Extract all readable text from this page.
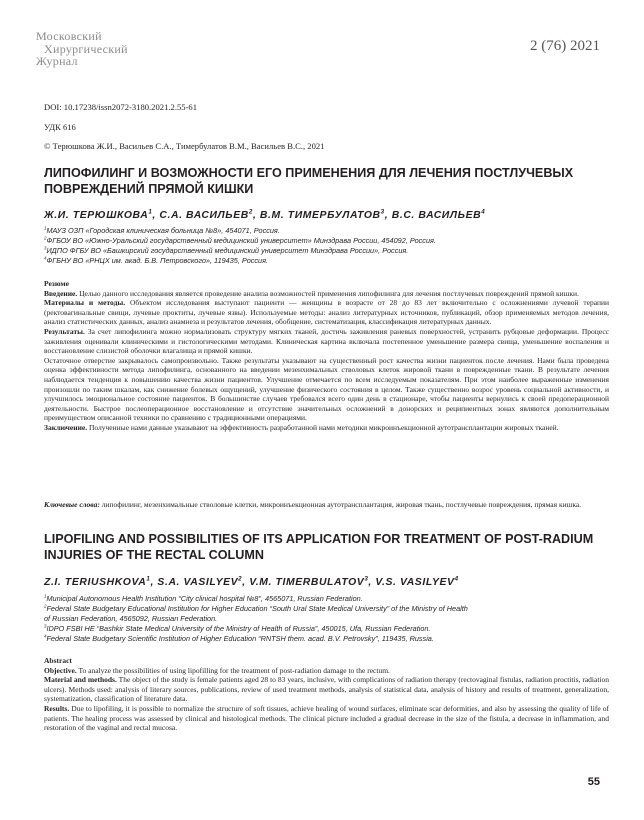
Московский
Хирургический
Журнал
2 (76) 2021
DOI: 10.17238/issn2072-3180.2021.2.55-61
УДК 616
© Терюшкова Ж.И., Васильев С.А., Тимербулатов В.М., Васильев В.С., 2021
ЛИПОФИЛИНГ И ВОЗМОЖНОСТИ ЕГО ПРИМЕНЕНИЯ ДЛЯ ЛЕЧЕНИЯ ПОСТЛУЧЕВЫХ ПОВРЕЖДЕНИЙ ПРЯМОЙ КИШКИ
Ж.И. ТЕРЮШКОВА$^1$, С.А. ВАСИЛЬЕВ$^2$, В.М. ТИМЕРБУЛАТОВ$^3$, В.С. ВАСИЛЬЕВ$^4$
$^1$МАУЗ ОЗП «Городская клиническая больница №8», 454071, Россия.
$^2$ФГБОУ ВО «Южно-Уральский государственный медицинский университет» Минздрава России, 454092, Россия.
$^3$ИДПО ФГБУ ВО «Башкирский государственный медицинский университет Минздрава России», Россия.
$^4$ФГБНУ ВО «РНЦХ им. акад. Б.В. Петровского», 119435, Россия.

Резюме

Введение. Целью данного исследования является проведение анализа возможностей применения липофилинга для лечения постлучевых повреждений прямой кишки.

Материалы и методы. Объектом исследования выступают пациенти — женщины в возрасте от 28 до 83 лет включительно с осложнениями лучевой терапии (ректовагинальные свищи, лучевые проктиты, лучевые язвы). Используемые методы: анализ литературных источников, публикаций, обзор применяемых методов лечения, анализ статистических данных, анализ анамнеза и результатов лечения, обобщение, систематизация, классификация литературных данных.

Результаты. За счет липофилинга можно нормализовать структуру мягких тканей, достичь заживления раневых поверхностей, устранить рубцовые деформации. Процесс заживления оценивали клиническими и гистологическими методами. Клиническая картина включала постепенное уменьшение размера свища, уменьшение воспаления и восстановление слизистой оболочки влагалища и прямой кишки.

Остаточное отверстие закрывалось самопроизвольно. Также результаты указывают на существенный рост качества жизни пациенток после лечения. Нами была проведена оценка эффективности метода липофилинга, основанного на введении мезенхимальных стволовых клеток жировой ткани в поврежденные ткани. В результате лечения наблюдается тенденция к повышению качества жизни пациентов. Улучшение отмечается по всем исследуемым показателям. При этом наиболее выраженные изменения произошли по таким шкалам, как снижение болевых ощущений, улучшение физического состояния в целом. Также существенно возрос уровень социальной активности, и улучшилось эмоциональное состояние пациенток. В большинстве случаев требовался всего один день в стационаре, чтобы пациенты вернулись к своей предоперационной деятельности. Быстрое послеоперационное восстановление и отсутствие значительных осложнений в донорских и реципиентных зонах являются дополнительным преимуществом описанной техники по сравнению с традиционными операциями.

Заключение. Полученные нами данные указывают на эффективность разработанной нами методики микроинъекционной аутотрансплантации жировых тканей.

Ключевые слова: липофилинг, мезенхимальные стволовые клетки, микроинъекционная аутотрансплантация, жировая ткань, постлучевые повреждения, прямая кишка.
LIPOFILING AND POSSIBILITIES OF ITS APPLICATION FOR TREATMENT OF POST-RADIUM INJURIES OF THE RECTAL COLUMN
Z.I. TERIUSHKOVA$^1$, S.A. VASILYEV$^2$, V.M. TIMERBULATOV$^3$, V.S. VASILYEV$^4$
$^1$Municipal Autonomous Health Institution “City clinical hospital №8”, 4565071, Russian Federation.
$^2$Federal State Budgetary Educational Institution for Higher Education “South Ural State Medical University” of the Ministry of Health
of Russian Federation, 4565092, Russian Federation.
$^3$IDPO FSBI HE “Bashkir State Medical University of the Ministry of Health of Russia”, 450015, Ufa, Russian Federation.
$^4$Federal State Budgetary Scientific Institution of Higher Education “RNTSH them. acad. B.V. Petrovsky”, 119435, Russia.

Abstract

Objective. To analyze the possibilities of using lipofilling for the treatment of post-radiation damage to the rectum.

Material and methods. The object of the study is female patients aged 28 to 83 years, inclusive, with complications of radiation therapy (rectovaginal fistulas, radiation proctitis, radiation ulcers). Methods used: analysis of literary sources, publications, review of used treatment methods, analysis of statistical data, analysis of history and results of treatment, generalization, systematization, classification of literature data.

Results. Due to lipofiling, it is possible to normalize the structure of soft tissues, achieve healing of wound surfaces, eliminate scar deformities, and also by assessing the quality of life of patients. The healing process was assessed by clinical and histological methods. The clinical picture included a gradual decrease in the size of the fistula, a decrease in inflammation, and restoration of the vaginal and rectal mucosa.

55
